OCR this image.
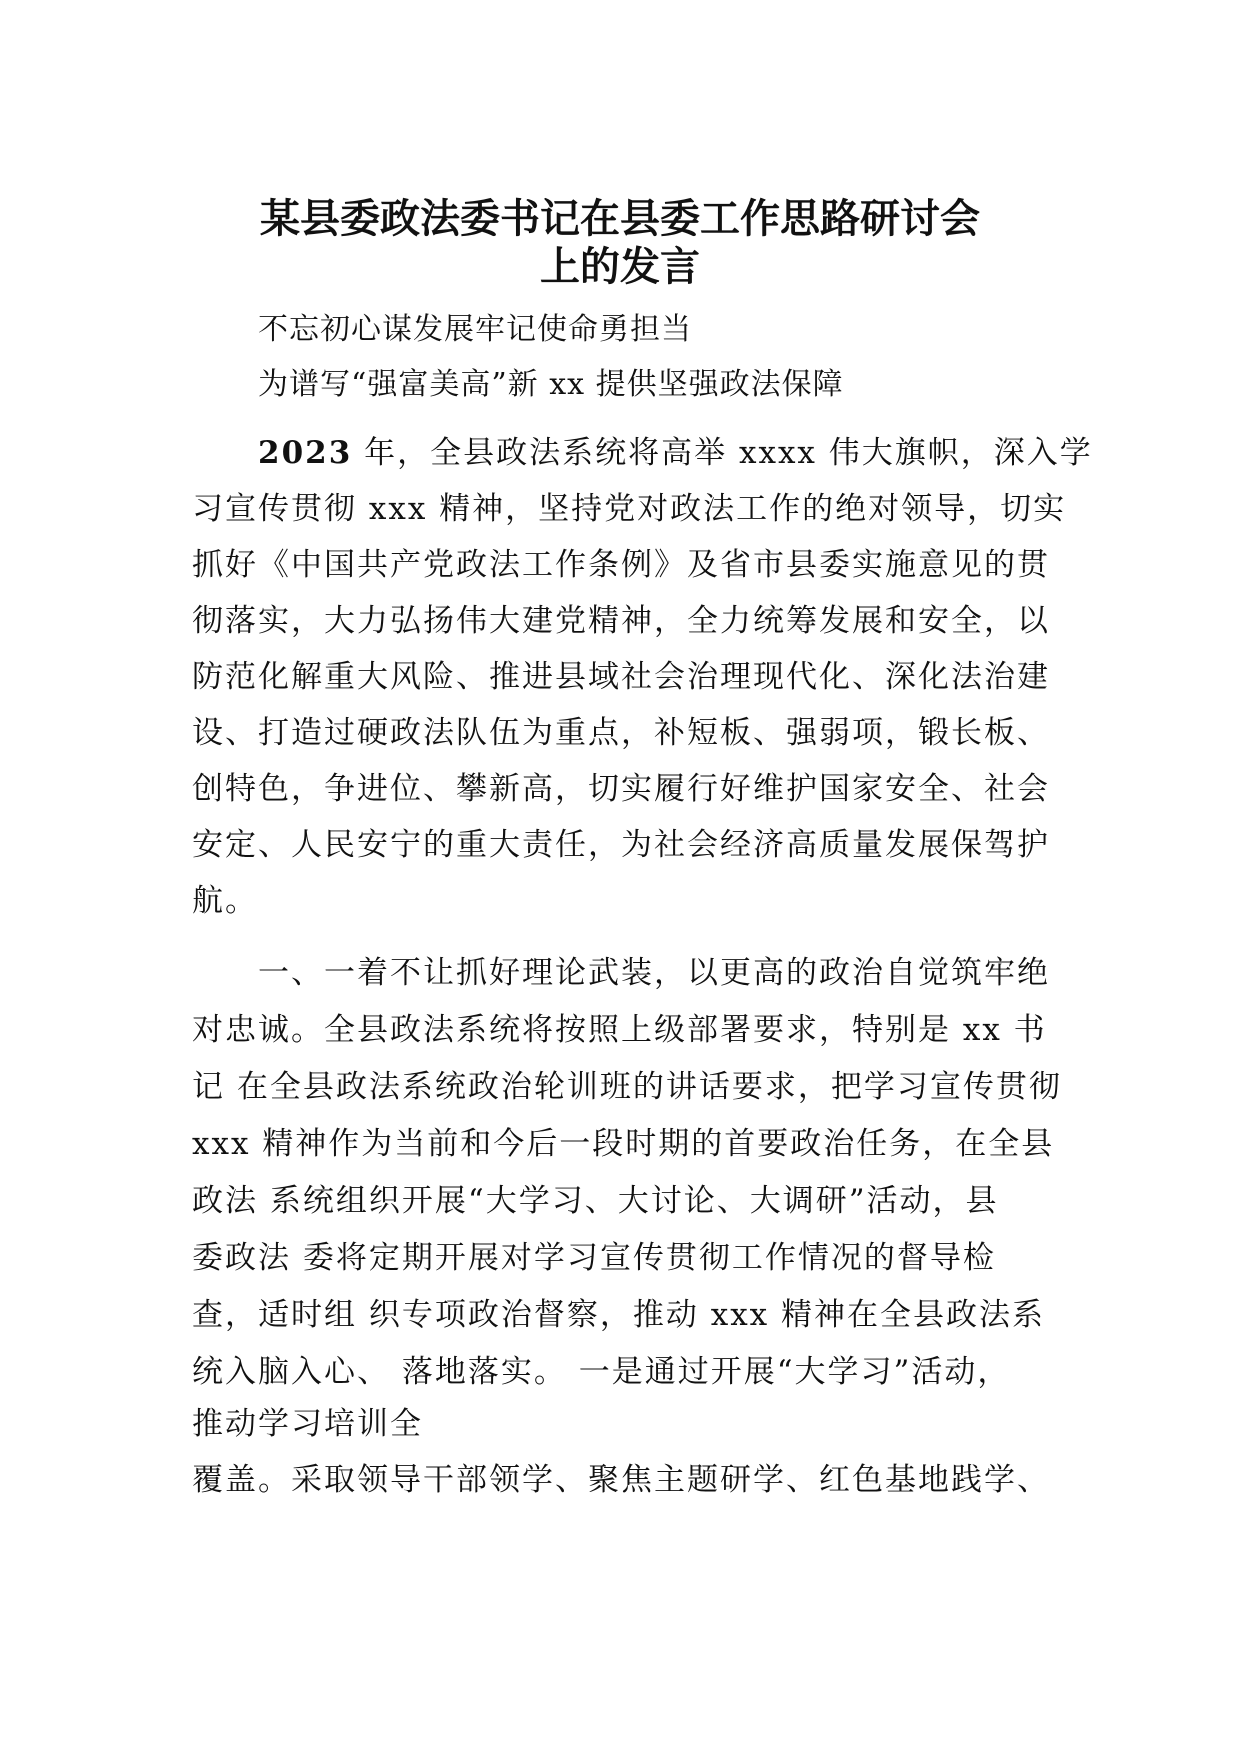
某县委政法委书记在县委工作思路研讨会
上的发言
不忘初心谋发展牢记使命勇担当
为谱写“强富美高”新 xx 提供坚强政法保障
2023 年，全县政法系统将高举 xxxx 伟大旗帜，深入学
习宣传贯彻 xxx 精神，坚持党对政法工作的绝对领导，切实
抓好《中国共产党政法工作条例》及省市县委实施意见的贯
彻落实，大力弘扬伟大建党精神，全力统筹发展和安全，以
防范化解重大风险、推进县域社会治理现代化、深化法治建
设、打造过硬政法队伍为重点，补短板、强弱项，锻长板、
创特色，争进位、攀新高，切实履行好维护国家安全、社会
安定、人民安宁的重大责任，为社会经济高质量发展保驾护
航。
一、一着不让抓好理论武装，以更高的政治自觉筑牢绝
对忠诚。全县政法系统将按照上级部署要求，特别是 xx 书
记 在全县政法系统政治轮训班的讲话要求，把学习宣传贯彻
xxx 精神作为当前和今后一段时期的首要政治任务，在全县
政法 系统组织开展“大学习、大讨论、大调研”活动，县
委政法 委将定期开展对学习宣传贯彻工作情况的督导检
查，适时组 织专项政治督察，推动 xxx 精神在全县政法系
统入脑入心、 落地落实。 一是通过开展“大学习”活动，
推动学习培训全
覆盖。采取领导干部领学、聚焦主题研学、红色基地践学、
